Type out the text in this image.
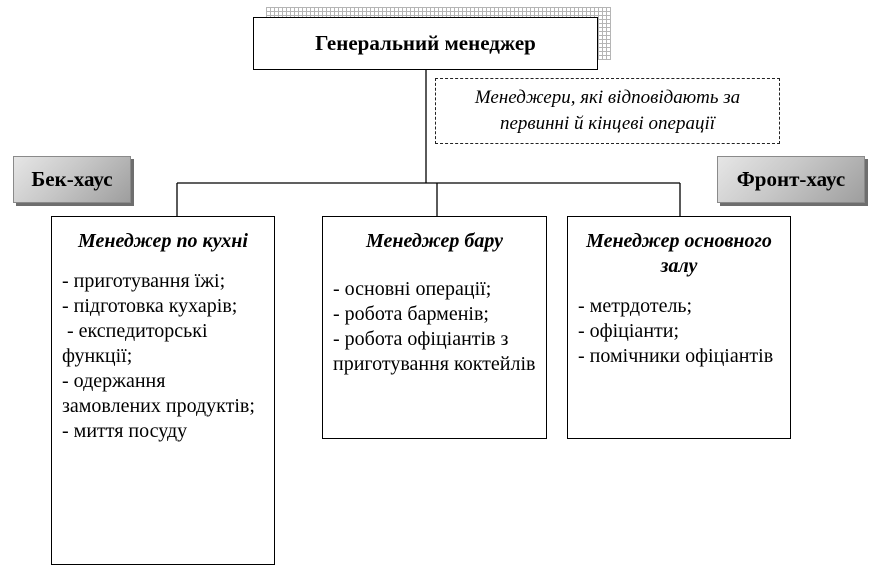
Генеральний менеджер
Менеджери, які відповідають за
первинні й кінцеві операції
Бек-хаус	Фронт-хаус
Менеджер по кухні
- приготування їжі;
- підготовка кухарів;
- експедиторські функції;
- одержання замовлених продуктів;
- миття посуду
Менеджер бару
- основні операції;
- робота барменів;
- робота офіціантів з приготування коктейлів
Менеджер основного залу
- метрдотель;
- офіціанти;
- помічники офіціантів
